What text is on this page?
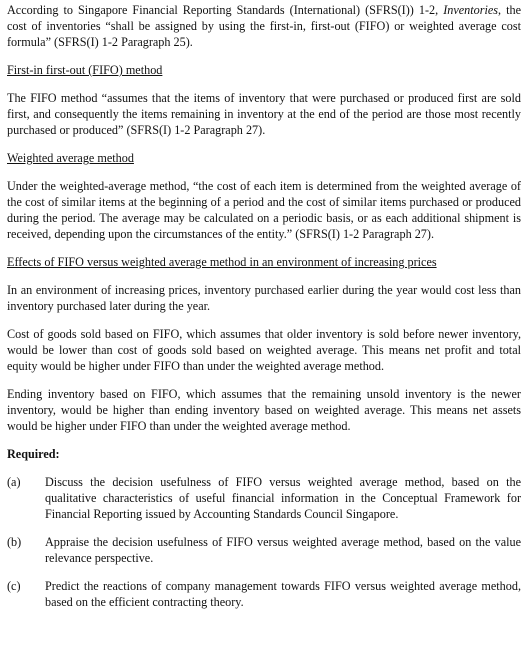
According to Singapore Financial Reporting Standards (International) (SFRS(I)) 1-2, Inventories, the cost of inventories “shall be assigned by using the first-in, first-out (FIFO) or weighted average cost formula” (SFRS(I) 1-2 Paragraph 25).

First-in first-out (FIFO) method

The FIFO method “assumes that the items of inventory that were purchased or produced first are sold first, and consequently the items remaining in inventory at the end of the period are those most recently purchased or produced” (SFRS(I) 1-2 Paragraph 27).

Weighted average method

Under the weighted-average method, “the cost of each item is determined from the weighted average of the cost of similar items at the beginning of a period and the cost of similar items purchased or produced during the period. The average may be calculated on a periodic basis, or as each additional shipment is received, depending upon the circumstances of the entity.” (SFRS(I) 1-2 Paragraph 27).

Effects of FIFO versus weighted average method in an environment of increasing prices

In an environment of increasing prices, inventory purchased earlier during the year would cost less than inventory purchased later during the year.

Cost of goods sold based on FIFO, which assumes that older inventory is sold before newer inventory, would be lower than cost of goods sold based on weighted average. This means net profit and total equity would be higher under FIFO than under the weighted average method.

Ending inventory based on FIFO, which assumes that the remaining unsold inventory is the newer inventory, would be higher than ending inventory based on weighted average. This means net assets would be higher under FIFO than under the weighted average method.

Required:
(a)	Discuss the decision usefulness of FIFO versus weighted average method, based on the qualitative characteristics of useful financial information in the Conceptual Framework for Financial Reporting issued by Accounting Standards Council Singapore.
(b)	Appraise the decision usefulness of FIFO versus weighted average method, based on the value relevance perspective.
(c)	Predict the reactions of company management towards FIFO versus weighted average method, based on the efficient contracting theory.
